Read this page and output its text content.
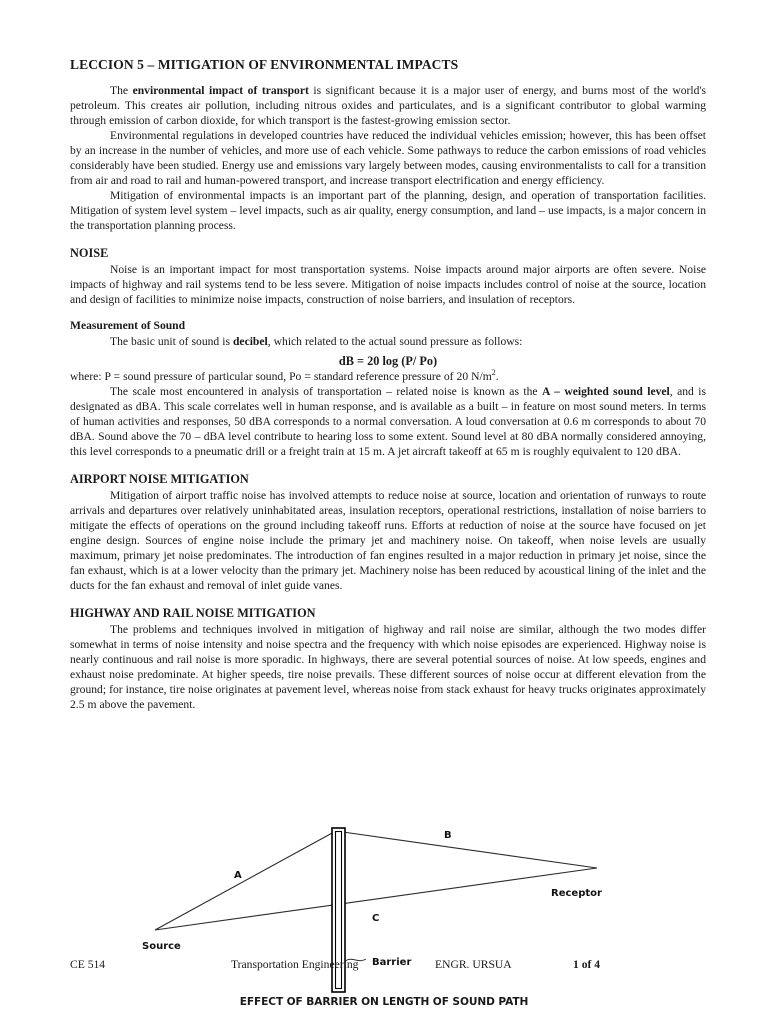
LECCION 5 – MITIGATION OF ENVIRONMENTAL IMPACTS

The environmental impact of transport is significant because it is a major user of energy, and burns most of the world's petroleum. This creates air pollution, including nitrous oxides and particulates, and is a significant contributor to global warming through emission of carbon dioxide, for which transport is the fastest-growing emission sector.

Environmental regulations in developed countries have reduced the individual vehicles emission; however, this has been offset by an increase in the number of vehicles, and more use of each vehicle. Some pathways to reduce the carbon emissions of road vehicles considerably have been studied. Energy use and emissions vary largely between modes, causing environmentalists to call for a transition from air and road to rail and human-powered transport, and increase transport electrification and energy efficiency.

Mitigation of environmental impacts is an important part of the planning, design, and operation of transportation facilities. Mitigation of system level system – level impacts, such as air quality, energy consumption, and land – use impacts, is a major concern in the transportation planning process.

NOISE

Noise is an important impact for most transportation systems. Noise impacts around major airports are often severe. Noise impacts of highway and rail systems tend to be less severe. Mitigation of noise impacts includes control of noise at the source, location and design of facilities to minimize noise impacts, construction of noise barriers, and insulation of receptors.

Measurement of Sound

The basic unit of sound is decibel, which related to the actual sound pressure as follows:

dB = 20 log (P/ Po)

where: P = sound pressure of particular sound, Po = standard reference pressure of 20 $N/m^2$.

The scale most encountered in analysis of transportation – related noise is known as the A – weighted sound level, and is designated as dBA. This scale correlates well in human response, and is available as a built – in feature on most sound meters. In terms of human activities and responses, 50 dBA corresponds to a normal conversation. A loud conversation at 0.6 m corresponds to about 70 dBA. Sound above the 70 – dBA level contribute to hearing loss to some extent. Sound level at 80 dBA normally considered annoying, this level corresponds to a pneumatic drill or a freight train at 15 m. A jet aircraft takeoff at 65 m is roughly equivalent to 120 dBA.

AIRPORT NOISE MITIGATION

Mitigation of airport traffic noise has involved attempts to reduce noise at source, location and orientation of runways to route arrivals and departures over relatively uninhabitated areas, insulation receptors, operational restrictions, installation of noise barriers to mitigate the effects of operations on the ground including takeoff runs. Efforts at reduction of noise at the source have focused on jet engine design. Sources of engine noise include the primary jet and machinery noise. On takeoff, when noise levels are usually maximum, primary jet noise predominates. The introduction of fan engines resulted in a major reduction in primary jet noise, since the fan exhaust, which is at a lower velocity than the primary jet. Machinery noise has been reduced by acoustical lining of the inlet and the ducts for the fan exhaust and removal of inlet guide vanes.

HIGHWAY AND RAIL NOISE MITIGATION

The problems and techniques involved in mitigation of highway and rail noise are similar, although the two modes differ somewhat in terms of noise intensity and noise spectra and the frequency with which noise episodes are experienced. Highway noise is nearly continuous and rail noise is more sporadic. In highways, there are several potential sources of noise. At low speeds, engines and exhaust noise predominate. At higher speeds, tire noise prevails. These different sources of noise occur at different elevation from the ground; for instance, tire noise originates at pavement level, whereas noise from stack exhaust for heavy trucks originates approximately 2.5 m above the pavement.

A
B
C
Source
Receptor
Barrier
CE 514	Transportation Engineering	ENGR. URSUA	1 of 4
EFFECT OF BARRIER ON LENGTH OF SOUND PATH
